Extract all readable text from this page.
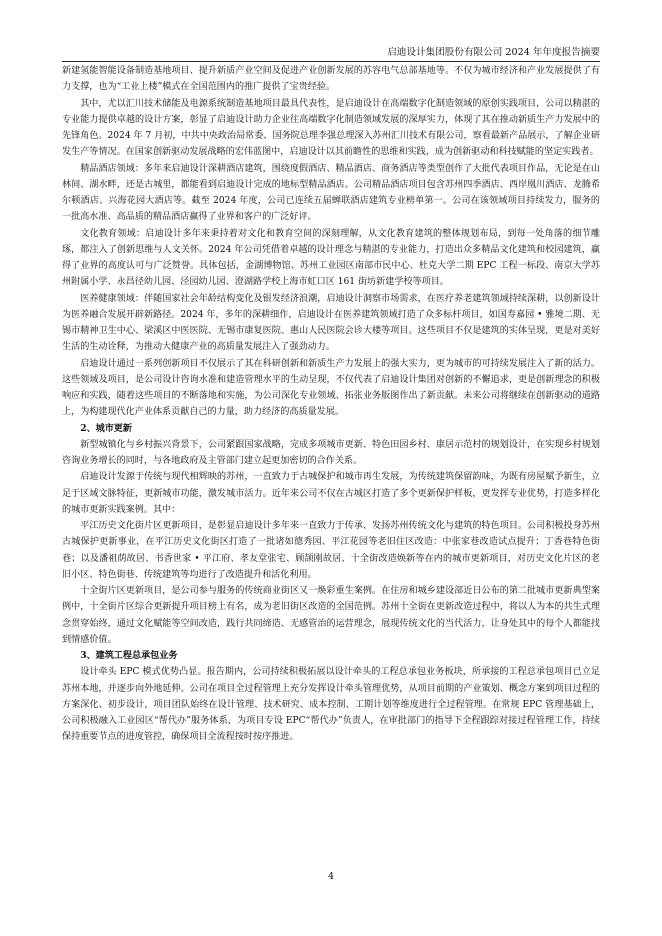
启迪设计集团股份有限公司 2024 年年度报告摘要

新建氢能智能设备制造基地项目、提升新质产业空间及促进产业创新发展的苏容电气总部基地等。不仅为城市经济和产业发展提供了有力支撑，也为“工业上楼”模式在全国范围内的推广提供了宝贵经验。

其中，尤以汇川技术储能及电源系统制造基地项目最具代表性，是启迪设计在高端数字化制造领域的原创实践项目，公司以精湛的专业能力提供卓越的设计方案，彰显了启迪设计助力企业往高端数字化制造领域发展的深厚实力，体现了其在推动新质生产力发展中的先锋角色。2024 年 7 月初，中共中央政治局常委、国务院总理李强总理深入苏州汇川技术有限公司，察看最新产品展示，了解企业研发生产等情况。在国家创新驱动发展战略的宏伟蓝图中，启迪设计以其前瞻性的思维和实践，成为创新驱动和科技赋能的坚定实践者。

精品酒店领域：多年来启迪设计深耕酒店建筑，围绕度假酒店、精品酒店、商务酒店等类型创作了大批代表项目作品，无论是在山林间、湖水畔，还是古城里，都能看到启迪设计完成的地标型精品酒店。公司精品酒店项目包含苏州四季酒店、西岸凰川酒店、龙腾希尔顿酒店、兴海花园大酒店等。截至 2024 年度，公司已连续五届蝉联酒店建筑专业榜单第一。公司在该领域项目持续发力，服务的一批高水准、高品质的精品酒店赢得了业界和客户的广泛好评。

文化教育领域：启迪设计多年来秉持着对文化和教育空间的深刻理解，从文化教育建筑的整体规划布局，到每一处角落的细节雕琢，都注入了创新思维与人文关怀。2024 年公司凭借着卓越的设计理念与精湛的专业能力，打造出众多精品文化建筑和校园建筑，赢得了业界的高度认可与广泛赞誉。具体包括，金湖博物馆、苏州工业园区南部市民中心、杜克大学二期 EPC 工程一标段、南京大学苏州附属小学、永昌径幼儿园、泾园幼儿园、澄湖路学校上海市虹口区 161 街坊新建学校等项目。

医养健康领域：伴随国家社会年龄结构变化及银发经济浪潮，启迪设计洞察市场需求，在医疗养老建筑领域持续深耕，以创新设计为医养融合发展开辟新路径。2024 年，多年的深耕细作，启迪设计在医养建筑领域打造了众多标杆项目，如国寿嘉园 • 雅境二期、无锡市精神卫生中心、梁溪区中医医院、无锡市康复医院、惠山人民医院会诊大楼等项目。这些项目不仅是建筑的实体呈现，更是对美好生活的生动诠释，为推动大健康产业的高质量发展注入了强劲动力。

启迪设计通过一系列创新项目不仅展示了其在科研创新和新质生产力发展上的强大实力，更为城市的可持续发展注入了新的活力。这些领域及项目，是公司设计咨询水准和建造管理水平的生动呈现，不仅代表了启迪设计集团对创新的不懈追求，更是创新理念的积极响应和实践，随着这些项目的不断落地和实施，为公司深化专业领域、拓张业务版图作出了新贡献。未来公司将继续在创新驱动的道路上，为构建现代化产业体系贡献自己的力量，助力经济的高质量发展。

2、城市更新

新型城镇化与乡村振兴背景下，公司紧跟国家战略，完成多项城市更新、特色田园乡村、康居示范村的规划设计，在实现乡村规划咨询业务增长的同时，与各地政府及主管部门建立起更加密切的合作关系。

启迪设计发源于传统与现代相辉映的苏州，一直致力于古城保护和城市再生发展，为传统建筑保留韵味，为既有房屋赋予新生，立足于区域文脉特征，更新城市功能，激发城市活力。近年来公司不仅在古城区打造了多个更新保护样板，更发挥专业优势，打造多样化的城市更新实践案例。其中：

平江历史文化街片区更新项目，是彰显启迪设计多年来一直致力于传承、发扬苏州传统文化与建筑的特色项目。公司积极投身苏州古城保护更新事业，在平江历史文化街区打造了一批诸如德秀园、平江花园等老旧住区改造：中张家巷改造试点提升；丁香巷特色街巷；以及潘祖荫故居、书香世家 • 平江府、孝友堂张宅、顾颉刚故居、十全街改造焕新等在内的城市更新项目，对历史文化片区的老旧小区、特色街巷、传统建筑等均进行了改造提升和活化利用。

十全街片区更新项目，是公司参与服务的传统商业街区又一焕彩重生案例。在住房和城乡建设部近日公布的第二批城市更新典型案例中，十全街片区综合更新提升项目榜上有名，成为老旧街区改造的全国范例。苏州十全街在更新改造过程中，将以人为本的共生式理念贯穿始终，通过文化赋能等空间改造，践行共同缔造、无感管治的运营理念，展现传统文化的当代活力，让身处其中的每个人都能找到情感价值。

3、建筑工程总承包业务

设计牵头 EPC 模式优势凸显。报告期内，公司持续积极拓展以设计牵头的工程总承包业务板块，所承接的工程总承包项目已立足苏州本地，并逐步向外地延伸。公司在项目全过程管理上充分发挥设计牵头管理优势，从项目前期的产业策划、概念方案到项目过程的方案深化、初步设计，项目团队始终在设计管理、技术研究、成本控制、工期计划等维度进行全过程管理。在常规 EPC 管理基础上，公司积极融入工业园区“帮代办”服务体系，为项目专设 EPC“帮代办”负责人，在审批部门的指导下全程跟踪对接过程管理工作，持续保持重要节点的进度管控，确保项目全流程按时按序推进。

4
